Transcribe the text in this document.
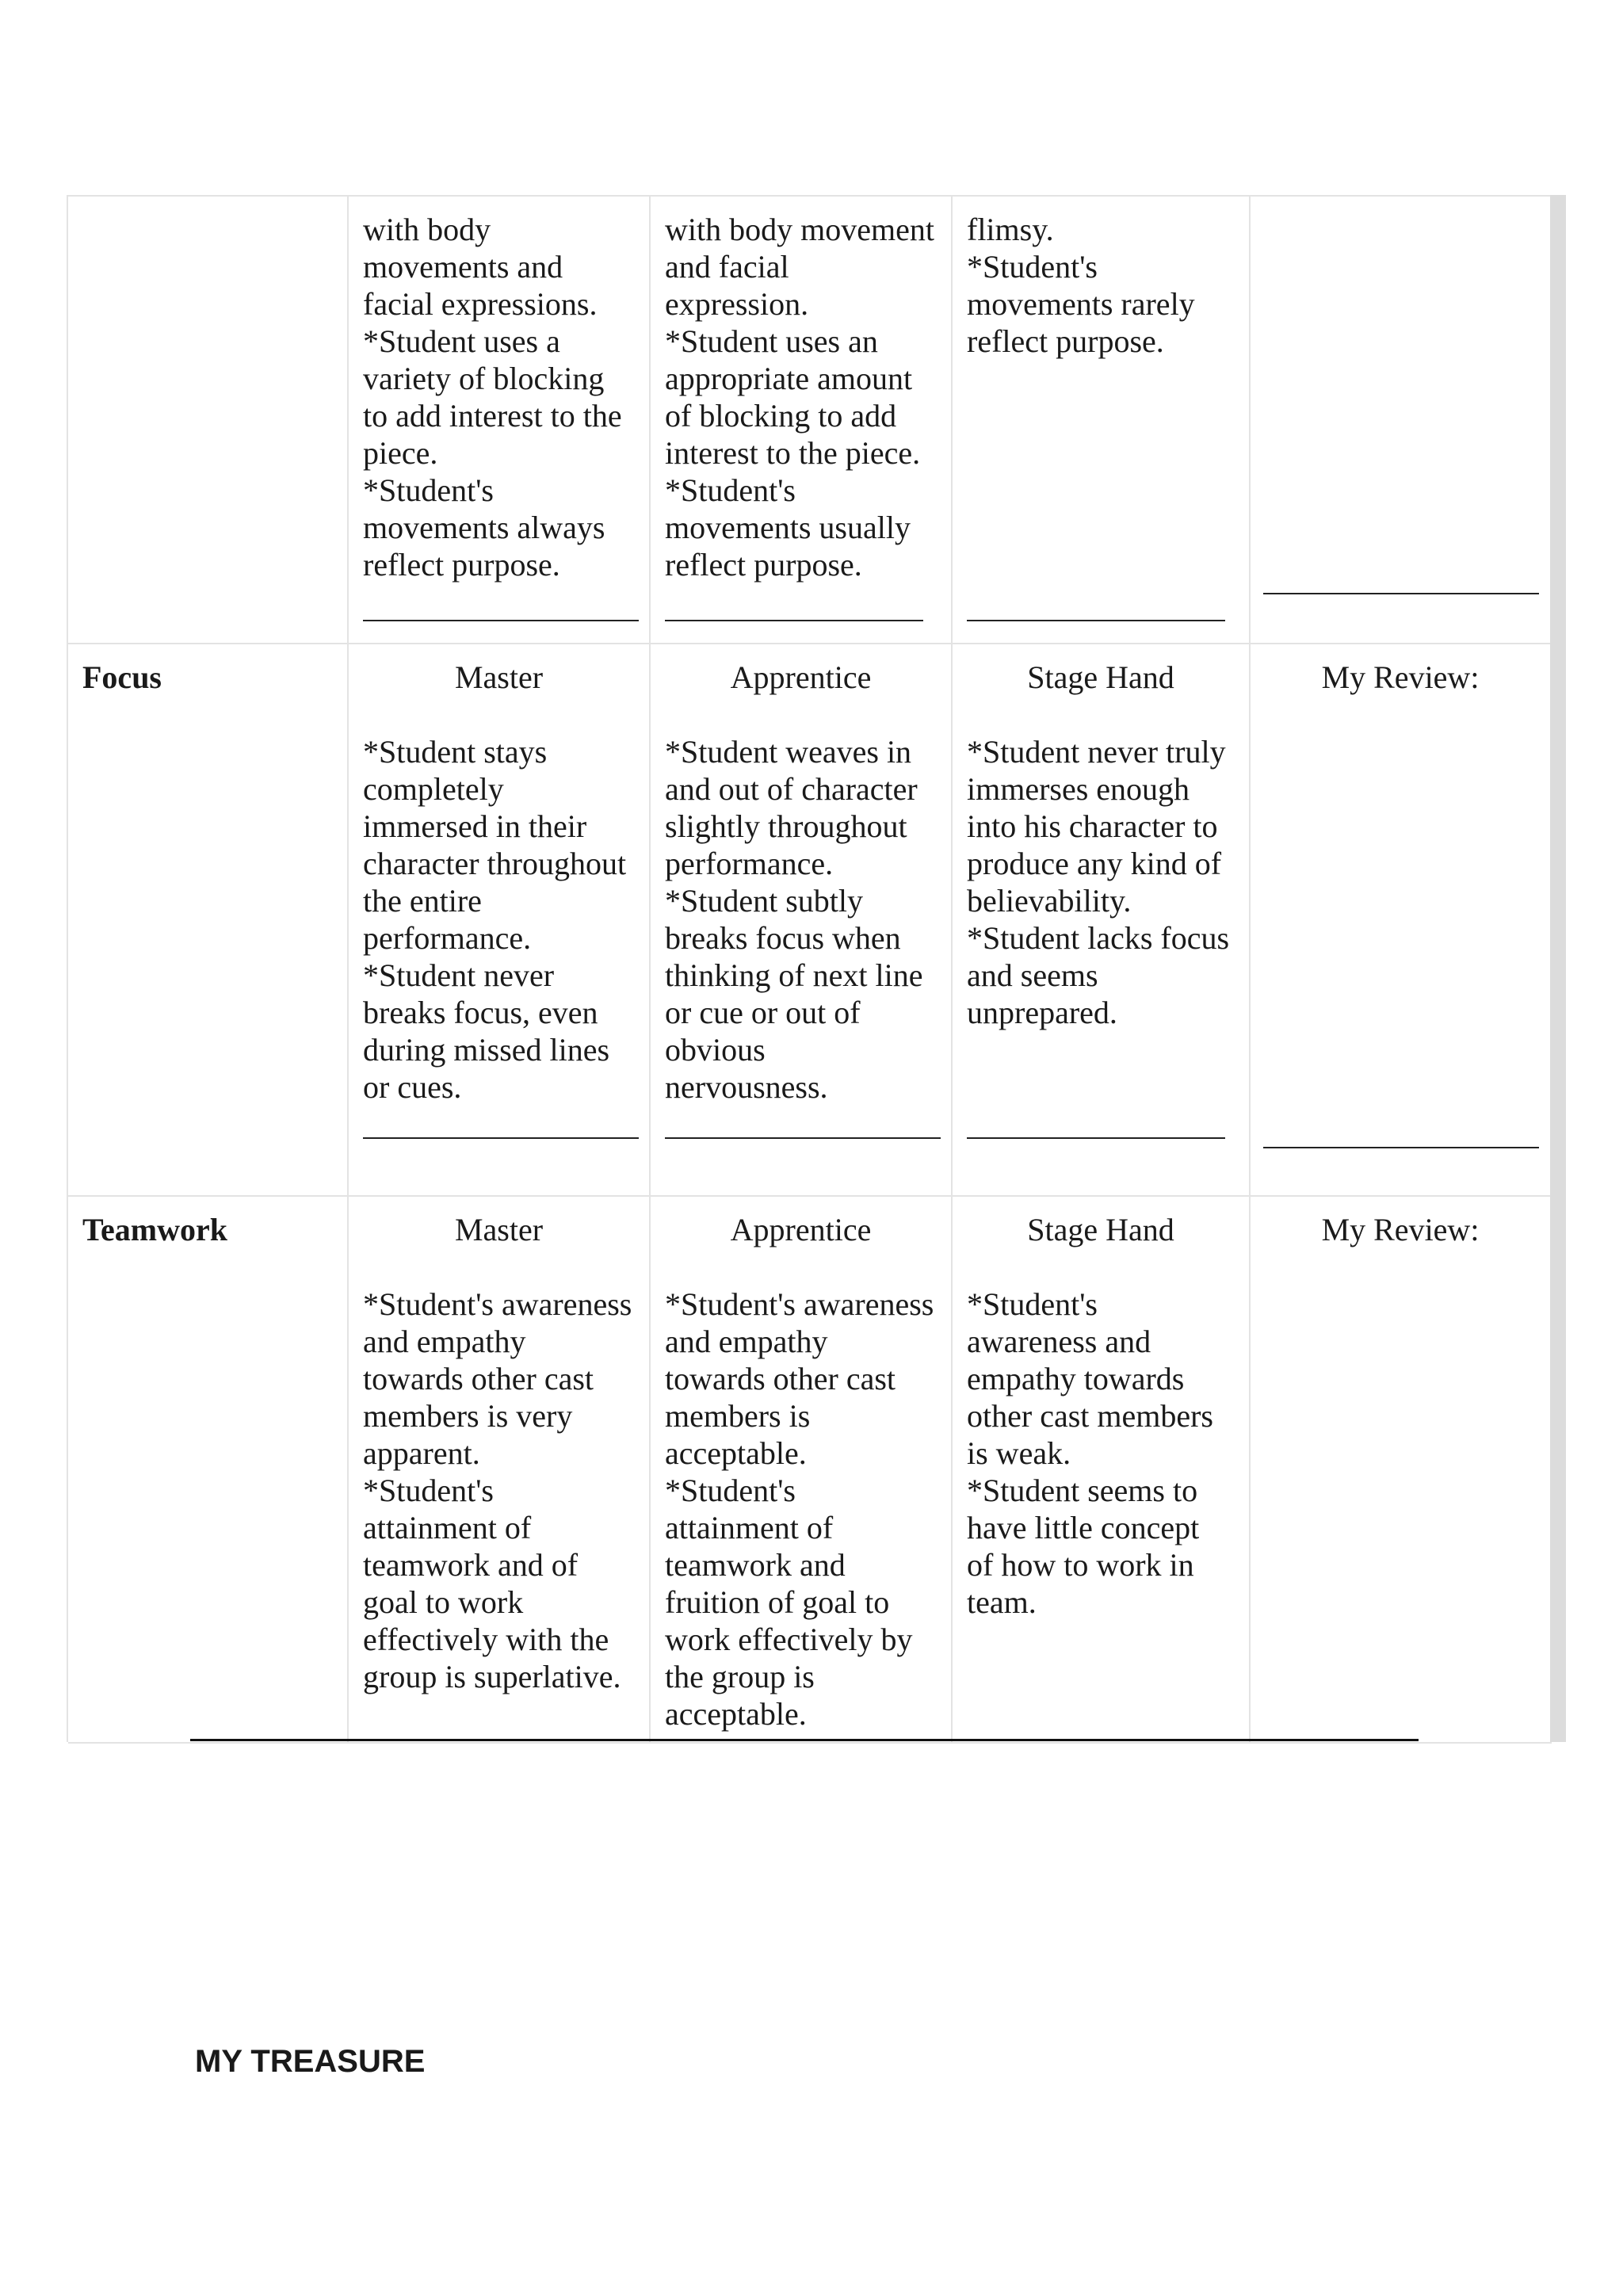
with body
movements and
facial expressions.
*Student uses a
variety of blocking
to add interest to the
piece.
*Student's
movements always
reflect purpose.
with body movement
and facial
expression.
*Student uses an
appropriate amount
of blocking to add
interest to the piece.
*Student's
movements usually
reflect purpose.
flimsy.
*Student's
movements rarely
reflect purpose.
Focus	Master
*Student stays
completely
immersed in their
character throughout
the entire
performance.
*Student never
breaks focus, even
during missed lines
or cues.
Apprentice
*Student weaves in
and out of character
slightly throughout
performance.
*Student subtly
breaks focus when
thinking of next line
or cue or out of
obvious
nervousness.
Stage Hand
*Student never truly
immerses enough
into his character to
produce any kind of
believability.
*Student lacks focus
and seems
unprepared.
My Review:
Teamwork	Master
*Student's awareness
and empathy
towards other cast
members is very
apparent.
*Student's
attainment of
teamwork and of
goal to work
effectively with the
group is superlative.
Apprentice
*Student's awareness
and empathy
towards other cast
members is
acceptable.
*Student's
attainment of
teamwork and
fruition of goal to
work effectively by
the group is
acceptable.
Stage Hand
*Student's
awareness and
empathy towards
other cast members
is weak.
*Student seems to
have little concept
of how to work in
team.
My Review:
MY TREASURE
